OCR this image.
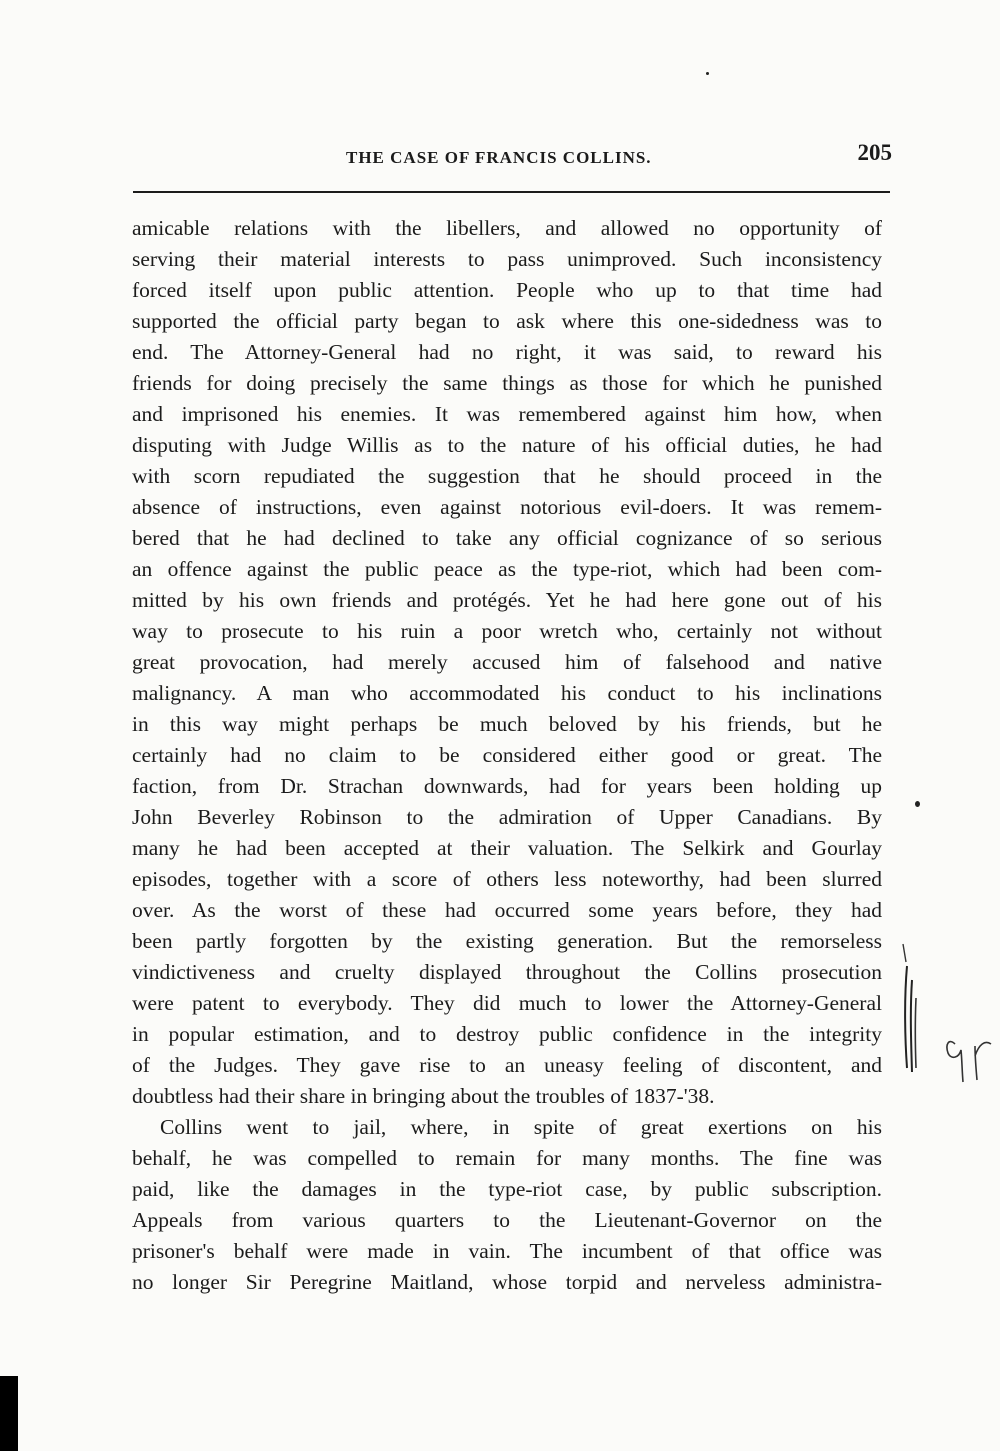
THE CASE OF FRANCIS COLLINS.	205
amicable relations with the libellers, and allowed no opportunity of
serving their material interests to pass unimproved. Such inconsistency
forced itself upon public attention. People who up to that time had
supported the official party began to ask where this one-sidedness was to
end. The Attorney-General had no right, it was said, to reward his
friends for doing precisely the same things as those for which he punished
and imprisoned his enemies. It was remembered against him how, when
disputing with Judge Willis as to the nature of his official duties, he had
with scorn repudiated the suggestion that he should proceed in the
absence of instructions, even against notorious evil-doers. It was remem-
bered that he had declined to take any official cognizance of so serious
an offence against the public peace as the type-riot, which had been com-
mitted by his own friends and protégés. Yet he had here gone out of his
way to prosecute to his ruin a poor wretch who, certainly not without
great provocation, had merely accused him of falsehood and native
malignancy. A man who accommodated his conduct to his inclinations
in this way might perhaps be much beloved by his friends, but he
certainly had no claim to be considered either good or great. The
faction, from Dr. Strachan downwards, had for years been holding up
John Beverley Robinson to the admiration of Upper Canadians. By
many he had been accepted at their valuation. The Selkirk and Gourlay
episodes, together with a score of others less noteworthy, had been slurred
over. As the worst of these had occurred some years before, they had
been partly forgotten by the existing generation. But the remorseless
vindictiveness and cruelty displayed throughout the Collins prosecution
were patent to everybody. They did much to lower the Attorney-General
in popular estimation, and to destroy public confidence in the integrity
of the Judges. They gave rise to an uneasy feeling of discontent, and
doubtless had their share in bringing about the troubles of 1837-'38.
Collins went to jail, where, in spite of great exertions on his
behalf, he was compelled to remain for many months. The fine was
paid, like the damages in the type-riot case, by public subscription.
Appeals from various quarters to the Lieutenant-Governor on the
prisoner's behalf were made in vain. The incumbent of that office was
no longer Sir Peregrine Maitland, whose torpid and nerveless administra-
